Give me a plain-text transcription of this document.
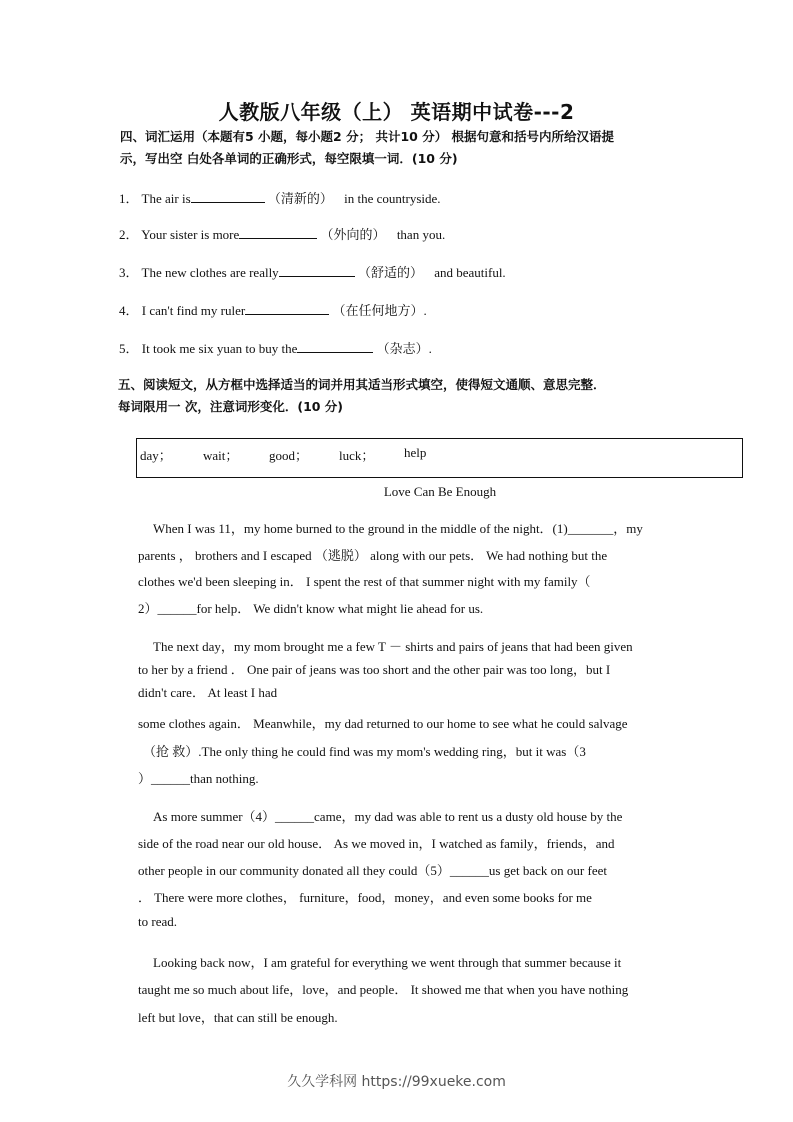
人教版八年级（上） 英语期中试卷---2
四、词汇运用（本题有5 小题，每小题2 分； 共计10 分） 根据句意和括号内所给汉语提
示，写出空 白处各单词的正确形式，每空限填一词．(10 分)
1． The air is	（清新的） in the countryside.
2． Your sister is more	（外向的） than you.
3． The new clothes are really	（舒适的） and beautiful.
4． I can't find my ruler	（在任何地方）.
5． It took me six yuan to buy the	（杂志）.
五、阅读短文，从方框中选择适当的词并用其适当形式填空，使得短文通顺、意思完整．
每词限用一 次，注意词形变化．(10 分)
day； wait； good； luck； help
Love Can Be Enough
When I was 11，my home burned to the ground in the middle of the night．(1)_______，my
parents ， brothers and I escaped （逃脱） along with our pets． We had nothing but the
clothes we'd been sleeping in． I spent the rest of that summer night with my family（
2）______for help． We didn't know what might lie ahead for us.
The next day，my mom brought me a few T － shirts and pairs of jeans that had been given
to her by a friend ． One pair of jeans was too short and the other pair was too long，but I
didn't care． At least I had
some clothes again． Meanwhile，my dad returned to our home to see what he could salvage
（抢 救）.The only thing he could find was my mom's wedding ring，but it was（3
）______than nothing.
As more summer（4）______came，my dad was able to rent us a dusty old house by the
side of the road near our old house． As we moved in，I watched as family，friends，and
other people in our community donated all they could（5）______us get back on our feet
． There were more clothes， furniture，food，money，and even some books for me
to read.
Looking back now，I am grateful for everything we went through that summer because it
taught me so much about life，love，and people． It showed me that when you have nothing
left but love，that can still be enough.
久久学科网 https://99xueke.com
